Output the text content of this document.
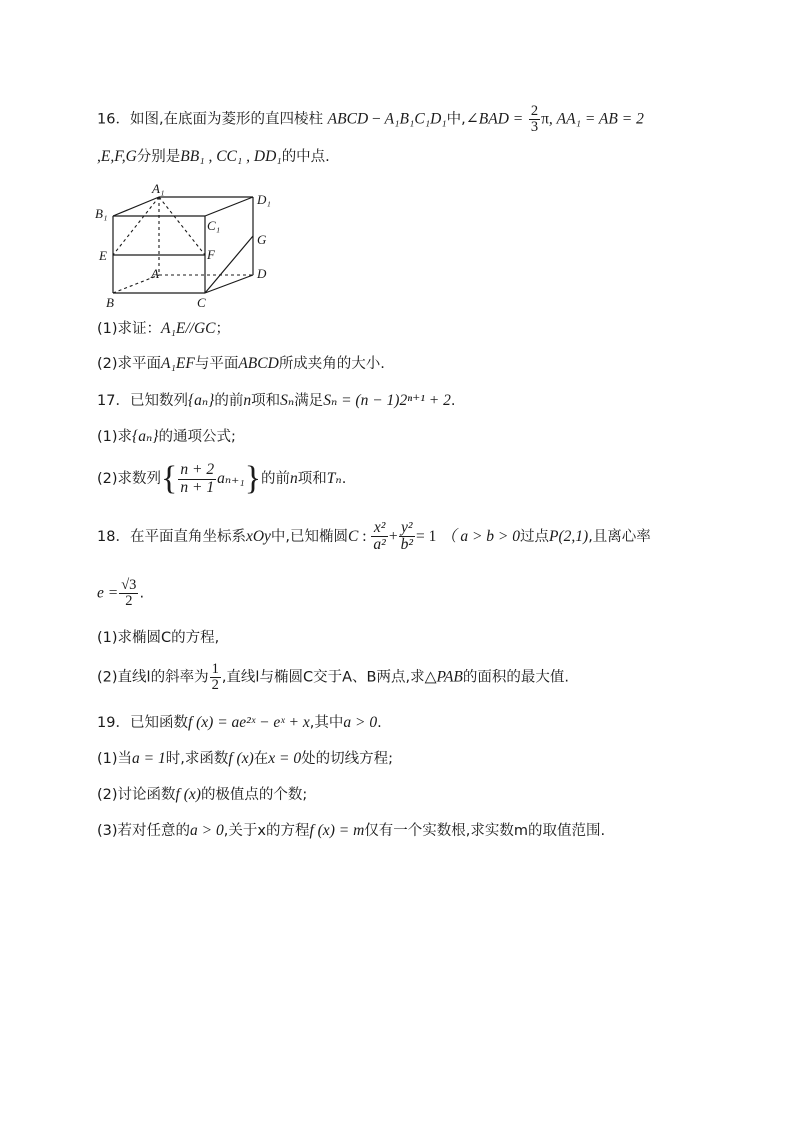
16．如图,在底面为菱形的直四棱柱 ABCD − A₁B₁C₁D₁中,∠BAD = $\frac{2}{3} \pi$, AA₁ = AB = 2
,E,F,G分别是BB₁ , CC₁ , DD₁的中点.
A₁
B₁
C₁
D₁
E	F
G
A
B	C
D
(1)求证：A₁E//GC；
(2)求平面A₁EF与平面ABCD所成夹角的大小.
17．已知数列{aₙ}的前n项和Sₙ满足Sₙ = (n − 1)2ⁿ⁺¹ + 2.
(1)求{aₙ}的通项公式;
(2)求数列{ $\frac{n + 2}{n + 1} a_{n+1}$}的前n项和Tₙ.
18．在平面直角坐标系xOy中,已知椭圆C : $\frac{\text{x²}}{\text{a²}} + \frac{\text{y²}}{\text{b²}} = 1$ （ a > b > 0过点P(2,1),且离心率
$e = \frac{√3}{2}$ .
(1)求椭圆C的方程,
(2)直线l的斜率为 $\frac{1}{2}$ ,直线l与椭圆C交于A、B两点,求△PAB的面积的最大值.
19．已知函数f (x) = ae²ˣ − eˣ + x,其中a > 0.
(1)当a = 1时,求函数f (x)在x = 0处的切线方程;
(2)讨论函数f (x)的极值点的个数;
(3)若对任意的a > 0,关于x的方程f (x) = m仅有一个实数根,求实数m的取值范围.
